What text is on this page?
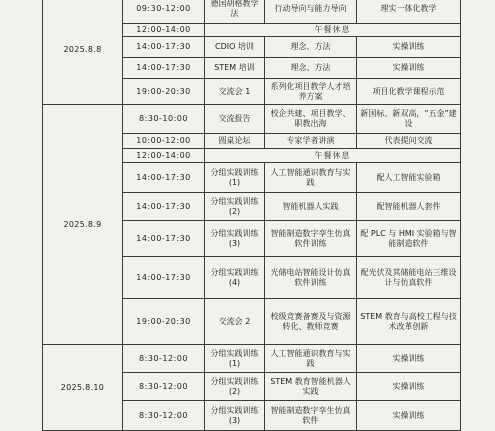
2025.8.8	09:30-12:00	德国胡格教学法	行动导向与能力导向	理实一体化教学
	12:00-14:00	午餐休息		
	14:00-17:30	CDIO 培训	理念、方法	实操训练
	14:00-17:30	STEM 培训	理念、方法	实操训练
	19:00-20:30	交流会 1	系列化项目教学人才培养方案	项目化教学课程示范
2025.8.9	8:30-10:00	交流报告	校企共建、项目教学、职教出海	新国标、新双高，“五金”建设
	10:00-12:00	圆桌论坛	专家学者讲演	代表提问交流
	12:00-14:00	午餐休息		
	14:00-17:30	分组实践训练(1)	人工智能通识教育与实践	配人工智能实验箱
	14:00-17:30	分组实践训练(2)	智能机器人实践	配智能机器人套件
	14:00-17:30	分组实践训练(3)	智能制造数字孪生仿真软件训练	配 PLC 与 HMI 实验箱与智能制造软件
	14:00-17:30	分组实践训练(4)	光储电站智能设计仿真软件训练	配光伏及其储能电站三维设计与仿真软件
	19:00-20:30	交流会 2	校级竞赛备赛及与资源转化、教师竞赛	STEM 教育与高校工程与技术改革创新
2025.8.10	8:30-12:00	分组实践训练(1)	人工智能通识教育与实践	实操训练
	8:30-12:00	分组实践训练(2)	STEM 教育智能机器人实践	实操训练
	8:30-12:00	分组实践训练(3)	智能制造数字孪生仿真软件	实操训练
